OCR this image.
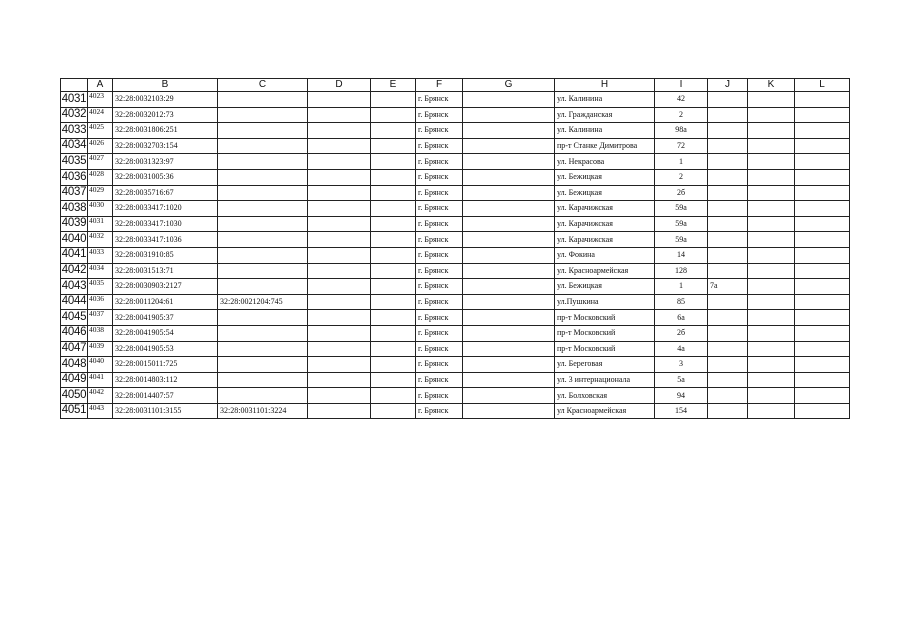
	A	B	C	D	E	F	G	H	I	J	K	L
4031	4023	32:28:0032103:29				г. Брянск		ул. Калинина	42			
4032	4024	32:28:0032012:73				г. Брянск		ул. Гражданская	2			
4033	4025	32:28:0031806:251				г. Брянск		ул. Калинина	98а			
4034	4026	32:28:0032703:154				г. Брянск		пр-т Станке Димитрова	72			
4035	4027	32:28:0031323:97				г. Брянск		ул. Некрасова	1			
4036	4028	32:28:0031005:36				г. Брянск		ул. Бежицкая	2			
4037	4029	32:28:0035716:67				г. Брянск		ул. Бежицкая	2б			
4038	4030	32:28:0033417:1020				г. Брянск		ул. Карачижская	59а			
4039	4031	32:28:0033417:1030				г. Брянск		ул. Карачижская	59а			
4040	4032	32:28:0033417:1036				г. Брянск		ул. Карачижская	59а			
4041	4033	32:28:0031910:85				г. Брянск		ул. Фокина	14			
4042	4034	32:28:0031513:71				г. Брянск		ул. Красноармейская	128			
4043	4035	32:28:0030903:2127				г. Брянск		ул. Бежицкая	1	7а		
4044	4036	32:28:0011204:61	32:28:0021204:745			г. Брянск		ул.Пушкина	85			
4045	4037	32:28:0041905:37				г. Брянск		пр-т Московский	6а			
4046	4038	32:28:0041905:54				г. Брянск		пр-т Московский	2б			
4047	4039	32:28:0041905:53				г. Брянск		пр-т Московский	4а			
4048	4040	32:28:0015011:725				г. Брянск		ул. Береговая	3			
4049	4041	32:28:0014803:112				г. Брянск		ул. 3 интернационала	5а			
4050	4042	32:28:0014407:57				г. Брянск		ул. Болховская	94			
4051	4043	32:28:0031101:3155	32:28:0031101:3224			г. Брянск		ул Красноармейская	154			
